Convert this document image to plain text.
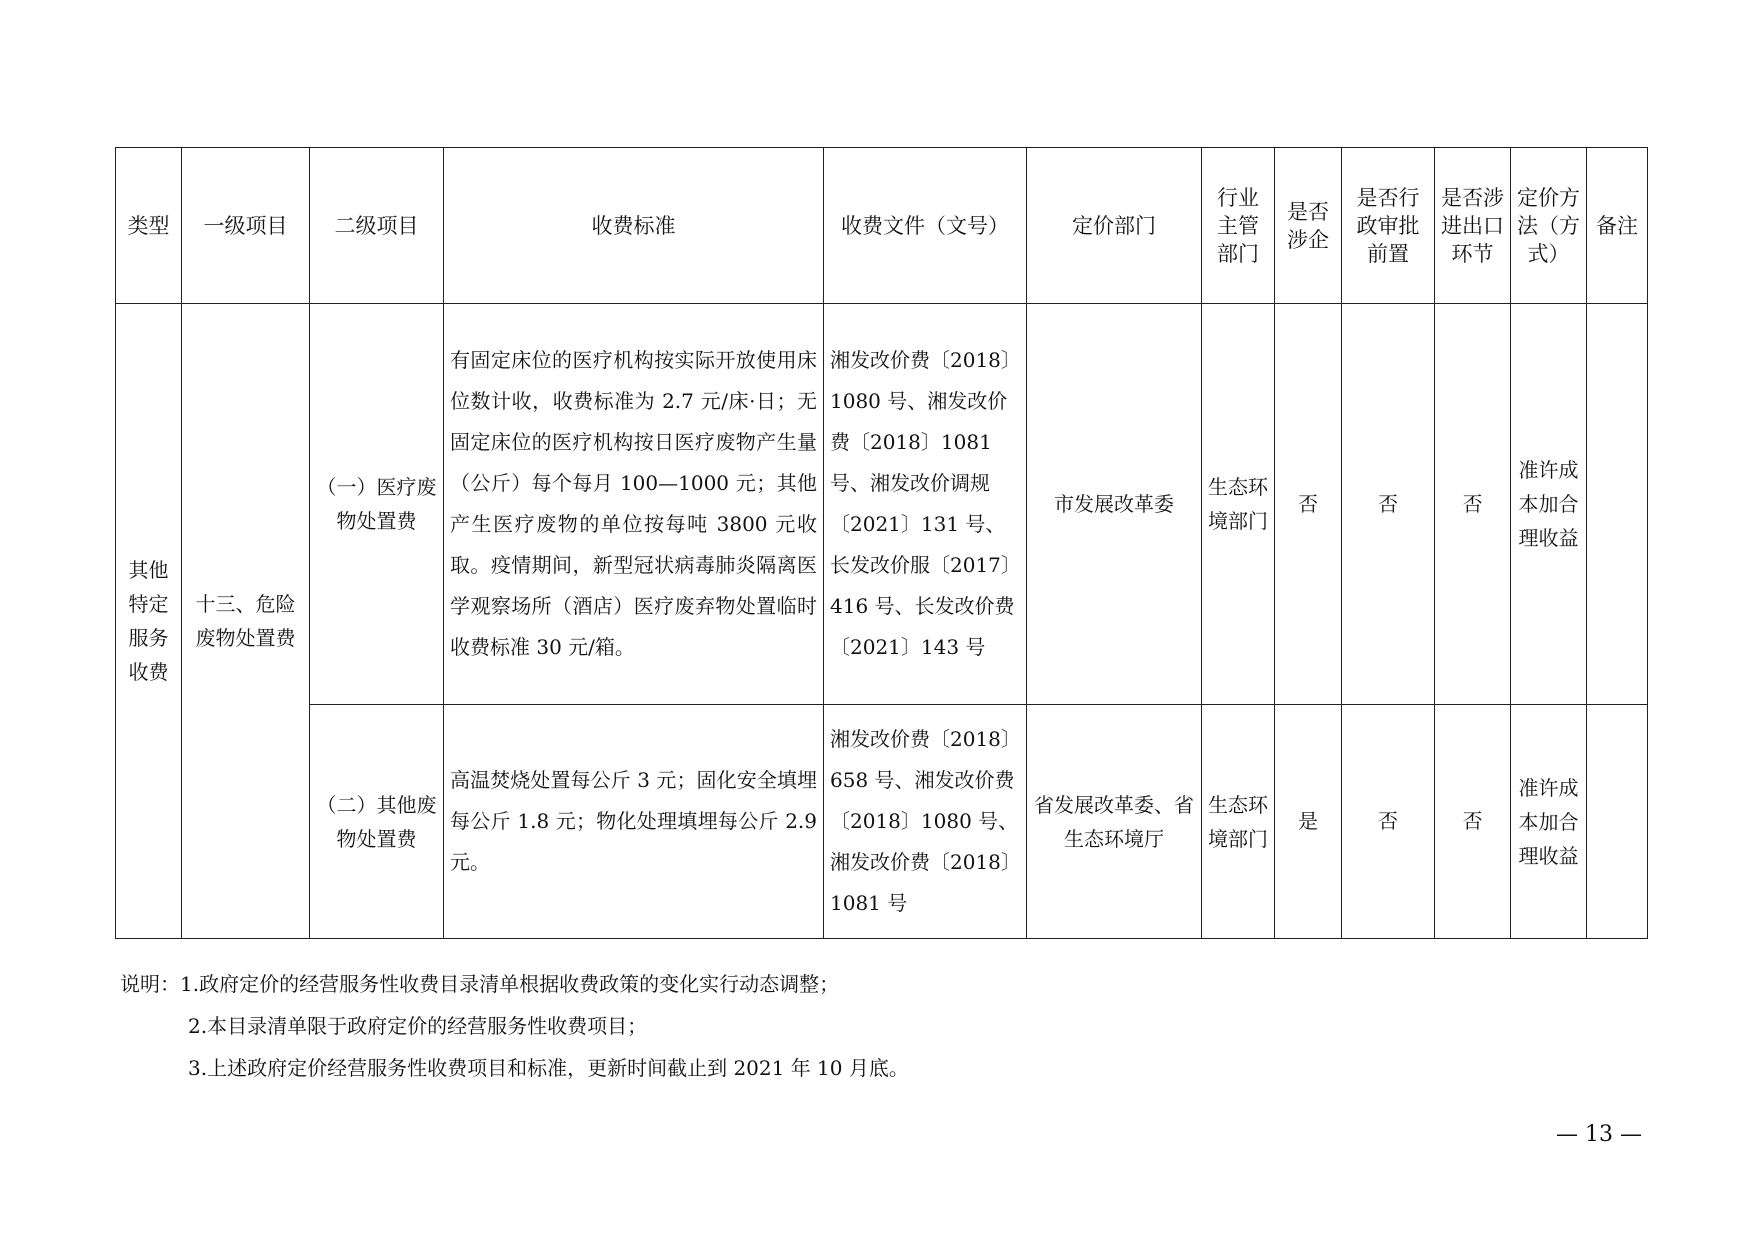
类型	一级项目	二级项目	收费标准	收费文件（文号）	定价部门	行业主管部门	是否涉企	是否行政审批前置	是否涉进出口环节	定价方法（方式）	备注
其他特定服务收费	十三、危险废物处置费	（一）医疗废物处置费	有固定床位的医疗机构按实际开放使用床位数计收，收费标准为 2.7 元/床·日；无固定床位的医疗机构按日医疗废物产生量（公斤）每个每月 100—1000 元；其他产生医疗废物的单位按每吨 3800 元收取。疫情期间，新型冠状病毒肺炎隔离医学观察场所（酒店）医疗废弃物处置临时收费标准 30 元/箱。	湘发改价费〔2018〕1080 号、湘发改价费〔2018〕1081 号、湘发改价调规〔2021〕131 号、长发改价服〔2017〕416 号、长发改价费〔2021〕143 号	市发展改革委	生态环境部门	否	否	否	准许成本加合理收益	
		（二）其他废物处置费	高温焚烧处置每公斤 3 元；固化安全填埋每公斤 1.8 元；物化处理填埋每公斤 2.9 元。	湘发改价费〔2018〕658 号、湘发改价费〔2018〕1080 号、湘发改价费〔2018〕1081 号	省发展改革委、省生态环境厅	生态环境部门	是	否	否	准许成本加合理收益	
说明：1.政府定价的经营服务性收费目录清单根据收费政策的变化实行动态调整；
2.本目录清单限于政府定价的经营服务性收费项目；
3.上述政府定价经营服务性收费项目和标准，更新时间截止到 2021 年 10 月底。
— 13 —
